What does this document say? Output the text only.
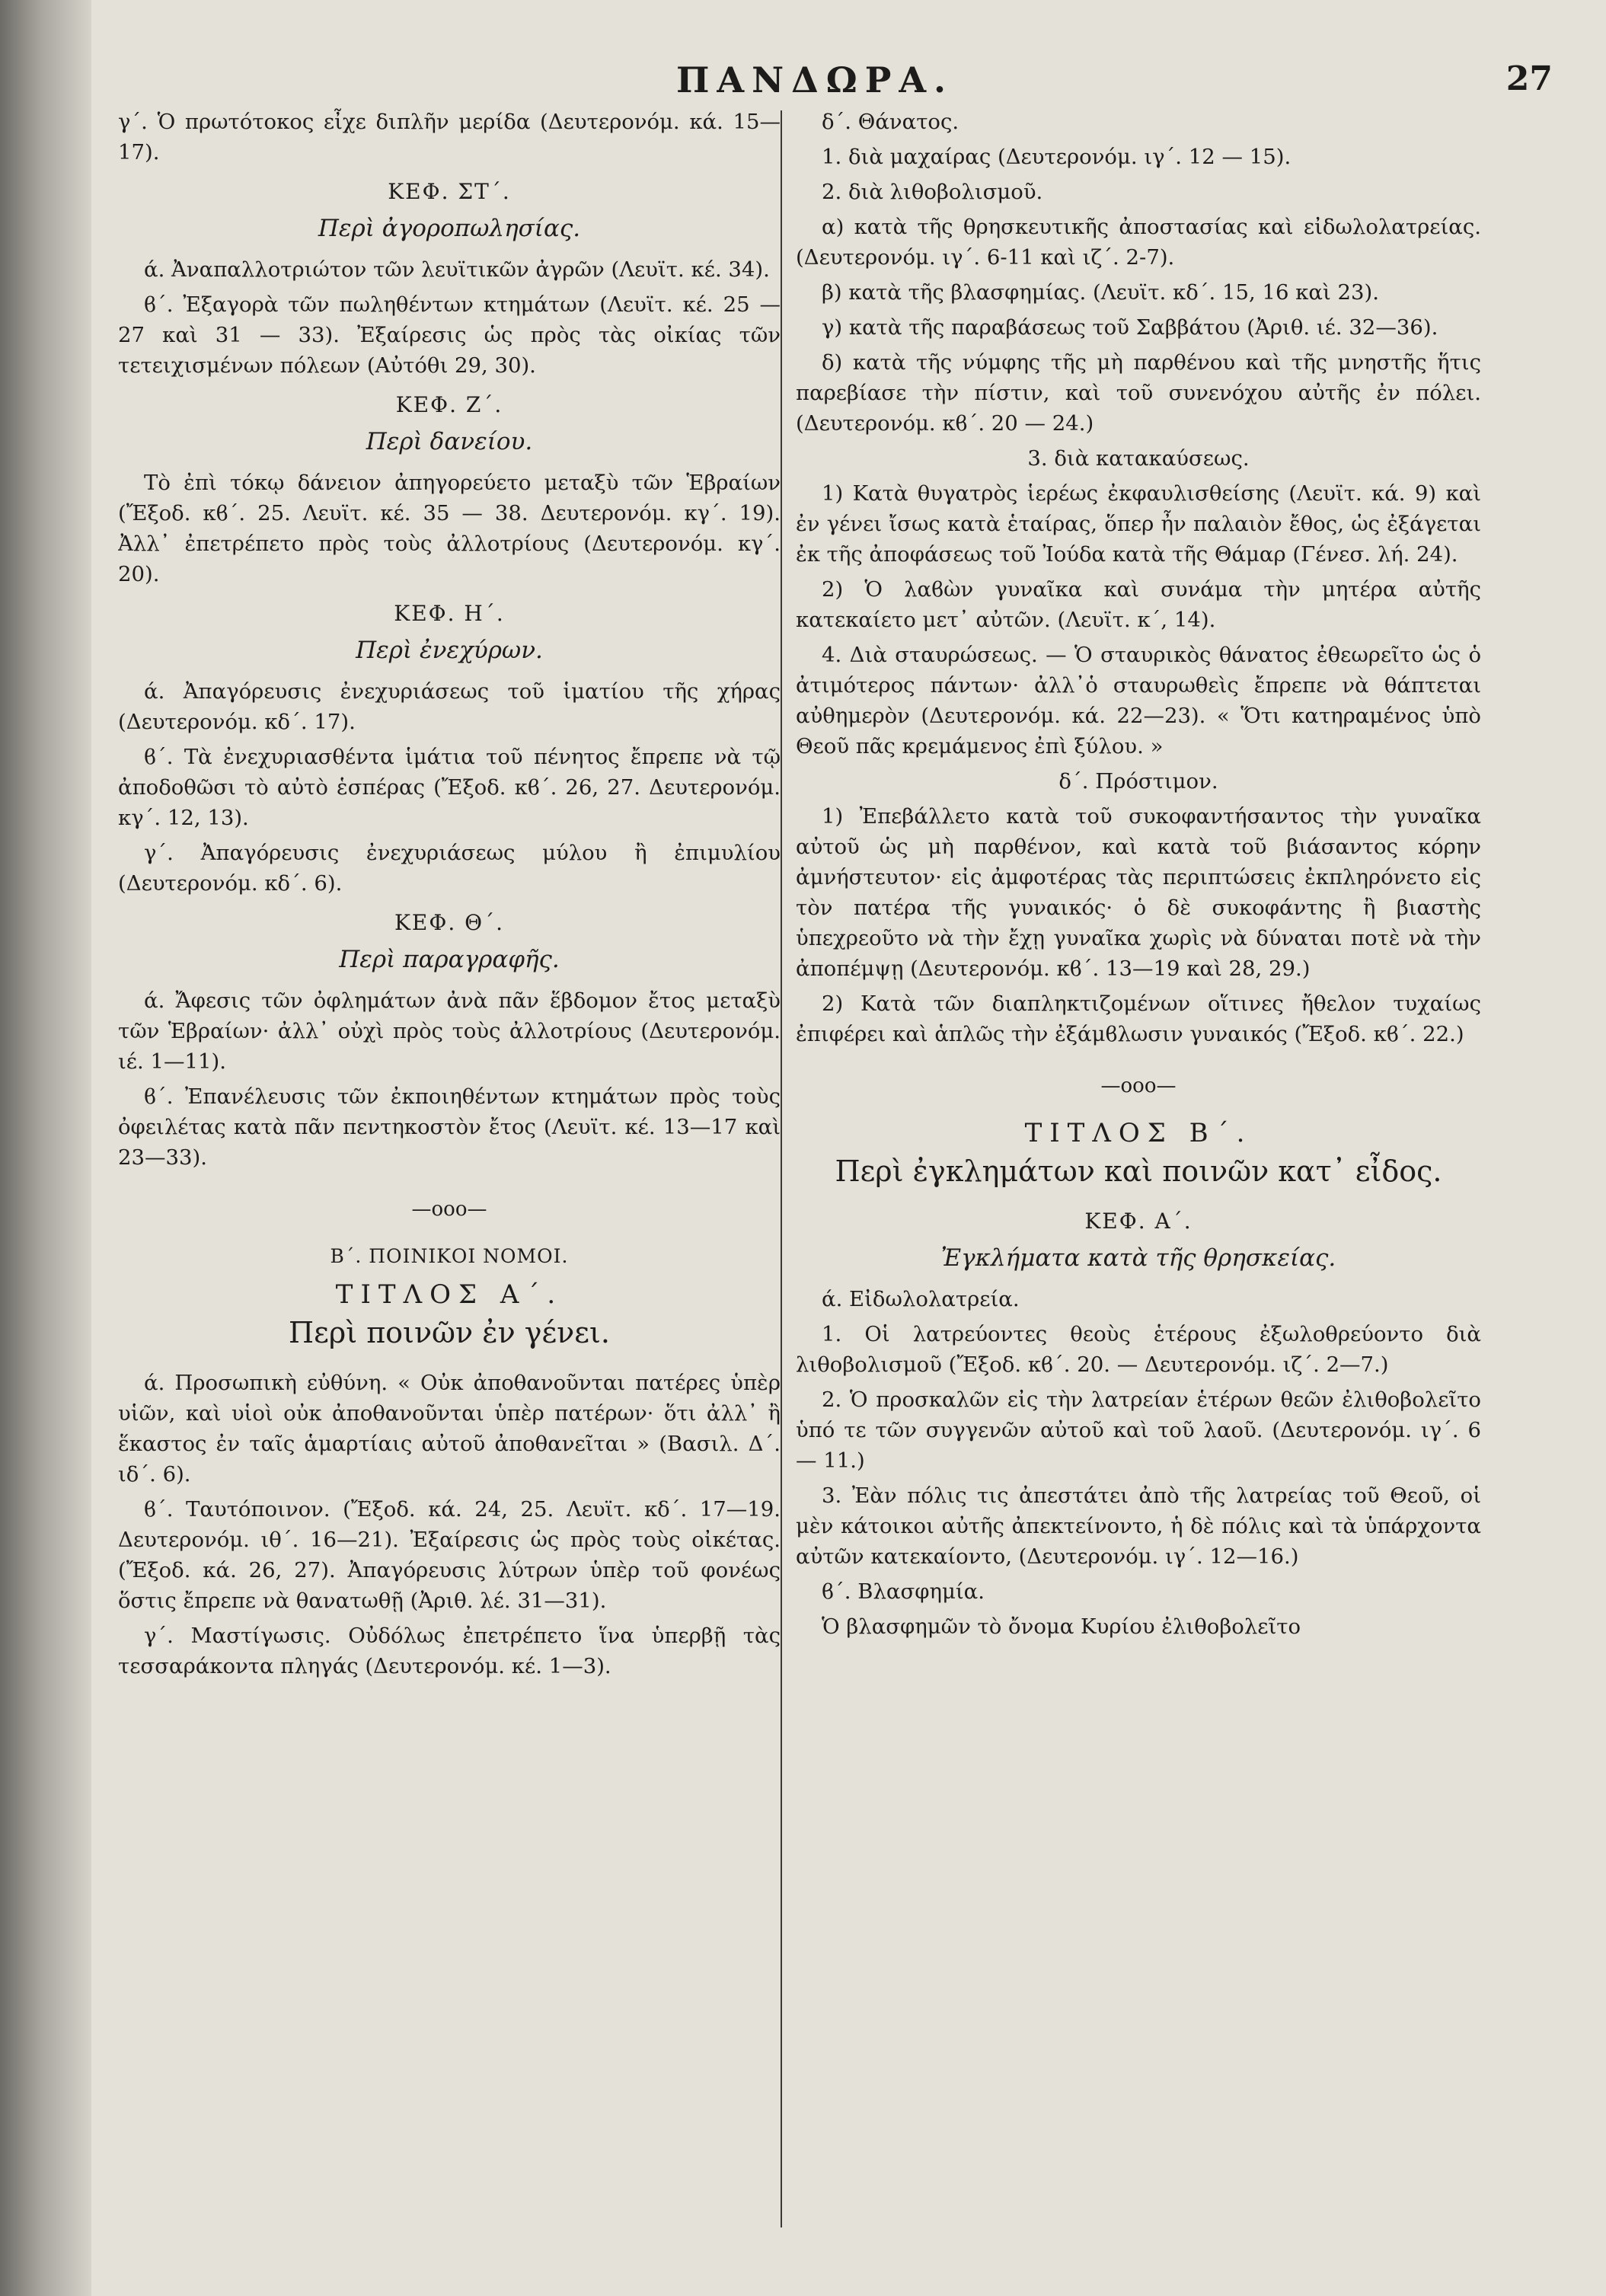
ΠΑΝΔΩΡΑ.	27

γ΄. Ὁ πρωτότοκος εἶχε διπλῆν μερίδα (Δευτερονόμ. κά. 15—17).

ΚΕΦ. ΣΤ΄.
Περὶ ἀγοροπωλησίας.

ά. Ἀναπαλλοτριώτον τῶν λευϊτικῶν ἀγρῶν (Λευϊτ. κέ. 34).

ϐ΄. Ἐξαγορὰ τῶν πωληθέντων κτημάτων (Λευϊτ. κέ. 25 — 27 καὶ 31 — 33). Ἐξαίρεσις ὡς πρὸς τὰς οἰκίας τῶν τετειχισμένων πόλεων (Αὐτόθι 29, 30).

ΚΕΦ. Ζ΄.
Περὶ δανείου.

Τὸ ἐπὶ τόκῳ δάνειον ἀπηγορεύετο μεταξὺ τῶν Ἑβραίων (Ἔξοδ. κϐ΄. 25. Λευϊτ. κέ. 35 — 38. Δευτερονόμ. κγ΄. 19). Ἀλλ᾽ ἐπετρέπετο πρὸς τοὺς ἀλλοτρίους (Δευτερονόμ. κγ΄. 20).

ΚΕΦ. Η΄.
Περὶ ἐνεχύρων.

ά. Ἀπαγόρευσις ἐνεχυριάσεως τοῦ ἱματίου τῆς χήρας (Δευτερονόμ. κδ΄. 17).

ϐ΄. Τὰ ἐνεχυριασθέντα ἱμάτια τοῦ πένητος ἔπρεπε νὰ τῷ ἀποδοθῶσι τὸ αὐτὸ ἑσπέρας (Ἔξοδ. κϐ΄. 26, 27. Δευτερονόμ. κγ΄. 12, 13).

γ΄. Ἀπαγόρευσις ἐνεχυριάσεως μύλου ἢ ἐπιμυλίου (Δευτερονόμ. κδ΄. 6).

ΚΕΦ. Θ΄.
Περὶ παραγραφῆς.

ά. Ἄφεσις τῶν ὀφλημάτων ἀνὰ πᾶν ἕβδομον ἔτος μεταξὺ τῶν Ἑβραίων· ἀλλ᾽ οὐχὶ πρὸς τοὺς ἀλλοτρίους (Δευτερονόμ. ιέ. 1—11).

ϐ΄. Ἐπανέλευσις τῶν ἐκποιηθέντων κτημάτων πρὸς τοὺς ὀφειλέτας κατὰ πᾶν πεντηκοστὸν ἔτος (Λευϊτ. κέ. 13—17 καὶ 23—33).

—οοο—
Β΄. ΠΟΙΝΙΚΟΙ ΝΟΜΟΙ.
ΤΙΤΛΟΣ Α΄.
Περὶ ποινῶν ἐν γένει.

ά. Προσωπικὴ εὐθύνη. « Οὐκ ἀποθανοῦνται πατέρες ὑπὲρ υἱῶν, καὶ υἱοὶ οὐκ ἀποθανοῦνται ὑπὲρ πατέρων· ὅτι ἀλλ᾽ ἢ ἕκαστος ἐν ταῖς ἁμαρτίαις αὐτοῦ ἀποθανεῖται » (Βασιλ. Δ΄. ιδ΄. 6).

ϐ΄. Ταυτόποινον. (Ἔξοδ. κά. 24, 25. Λευϊτ. κδ΄. 17—19. Δευτερονόμ. ιθ΄. 16—21). Ἐξαίρεσις ὡς πρὸς τοὺς οἰκέτας. (Ἔξοδ. κά. 26, 27). Ἀπαγόρευσις λύτρων ὑπὲρ τοῦ φονέως ὅστις ἔπρεπε νὰ θανατωθῇ (Ἀριθ. λέ. 31—31).

γ΄. Μαστίγωσις. Οὐδόλως ἐπετρέπετο ἵνα ὑπερβῇ τὰς τεσσαράκοντα πληγάς (Δευτερονόμ. κέ. 1—3).

δ΄. Θάνατος.

1. διὰ μαχαίρας (Δευτερονόμ. ιγ΄. 12 — 15).

2. διὰ λιθοβολισμοῦ.

α) κατὰ τῆς θρησκευτικῆς ἀποστασίας καὶ εἰδωλολατρείας. (Δευτερονόμ. ιγ΄. 6-11 καὶ ιζ΄. 2-7).

β) κατὰ τῆς βλασφημίας. (Λευϊτ. κδ΄. 15, 16 καὶ 23).

γ) κατὰ τῆς παραβάσεως τοῦ Σαββάτου (Ἀριθ. ιέ. 32—36).

δ) κατὰ τῆς νύμφης τῆς μὴ παρθένου καὶ τῆς μνηστῆς ἥτις παρεβίασε τὴν πίστιν, καὶ τοῦ συνενόχου αὐτῆς ἐν πόλει. (Δευτερονόμ. κϐ΄. 20 — 24.)

3. διὰ κατακαύσεως.

1) Κατὰ θυγατρὸς ἱερέως ἐκφαυλισθείσης (Λευϊτ. κά. 9) καὶ ἐν γένει ἴσως κατὰ ἑταίρας, ὅπερ ἦν παλαιὸν ἔθος, ὡς ἐξάγεται ἐκ τῆς ἀποφάσεως τοῦ Ἰούδα κατὰ τῆς Θάμαρ (Γένεσ. λή. 24).

2) Ὁ λαϐὼν γυναῖκα καὶ συνάμα τὴν μητέρα αὐτῆς κατεκαίετο μετ᾽ αὐτῶν. (Λευϊτ. κ΄, 14).

4. Διὰ σταυρώσεως. — Ὁ σταυρικὸς θάνατος ἐθεωρεῖτο ὡς ὁ ἀτιμότερος πάντων· ἀλλ᾽ὁ σταυρωθεὶς ἔπρεπε νὰ θάπτεται αὐθημερὸν (Δευτερονόμ. κά. 22—23). « Ὅτι κατηραμένος ὑπὸ Θεοῦ πᾶς κρεμάμενος ἐπὶ ξύλου. »

δ΄. Πρόστιμον.

1) Ἐπεβάλλετο κατὰ τοῦ συκοφαντήσαντος τὴν γυναῖκα αὐτοῦ ὡς μὴ παρθένον, καὶ κατὰ τοῦ βιάσαντος κόρην ἀμνήστευτον· εἰς ἀμφοτέρας τὰς περιπτώσεις ἐκπληρόνετο εἰς τὸν πατέρα τῆς γυναικός· ὁ δὲ συκοφάντης ἢ βιαστὴς ὑπεχρεοῦτο νὰ τὴν ἔχῃ γυναῖκα χωρὶς νὰ δύναται ποτὲ νὰ τὴν ἀποπέμψῃ (Δευτερονόμ. κϐ΄. 13—19 καὶ 28, 29.)

2) Κατὰ τῶν διαπληκτιζομένων οἵτινες ἤθελον τυχαίως ἐπιφέρει καὶ ἁπλῶς τὴν ἐξάμϐλωσιν γυναικός (Ἔξοδ. κϐ΄. 22.)

—οοο—
ΤΙΤΛΟΣ Β΄.
Περὶ ἐγκλημάτων καὶ ποινῶν κατ᾽ εἶδος.
ΚΕΦ. Α΄.
Ἐγκλήματα κατὰ τῆς θρησκείας.

ά. Εἰδωλολατρεία.

1. Οἱ λατρεύοντες θεοὺς ἑτέρους ἐξωλοθρεύοντο διὰ λιθοβολισμοῦ (Ἔξοδ. κϐ΄. 20. — Δευτερονόμ. ιζ΄. 2—7.)

2. Ὁ προσκαλῶν εἰς τὴν λατρείαν ἑτέρων θεῶν ἐλιθοβολεῖτο ὑπό τε τῶν συγγενῶν αὐτοῦ καὶ τοῦ λαοῦ. (Δευτερονόμ. ιγ΄. 6 — 11.)

3. Ἐὰν πόλις τις ἀπεστάτει ἀπὸ τῆς λατρείας τοῦ Θεοῦ, οἱ μὲν κάτοικοι αὐτῆς ἀπεκτείνοντο, ἡ δὲ πόλις καὶ τὰ ὑπάρχοντα αὐτῶν κατεκαίοντο, (Δευτερονόμ. ιγ΄. 12—16.)

ϐ΄. Βλασφημία.

Ὁ βλασφημῶν τὸ ὄνομα Κυρίου ἐλιθοβολεῖτο
